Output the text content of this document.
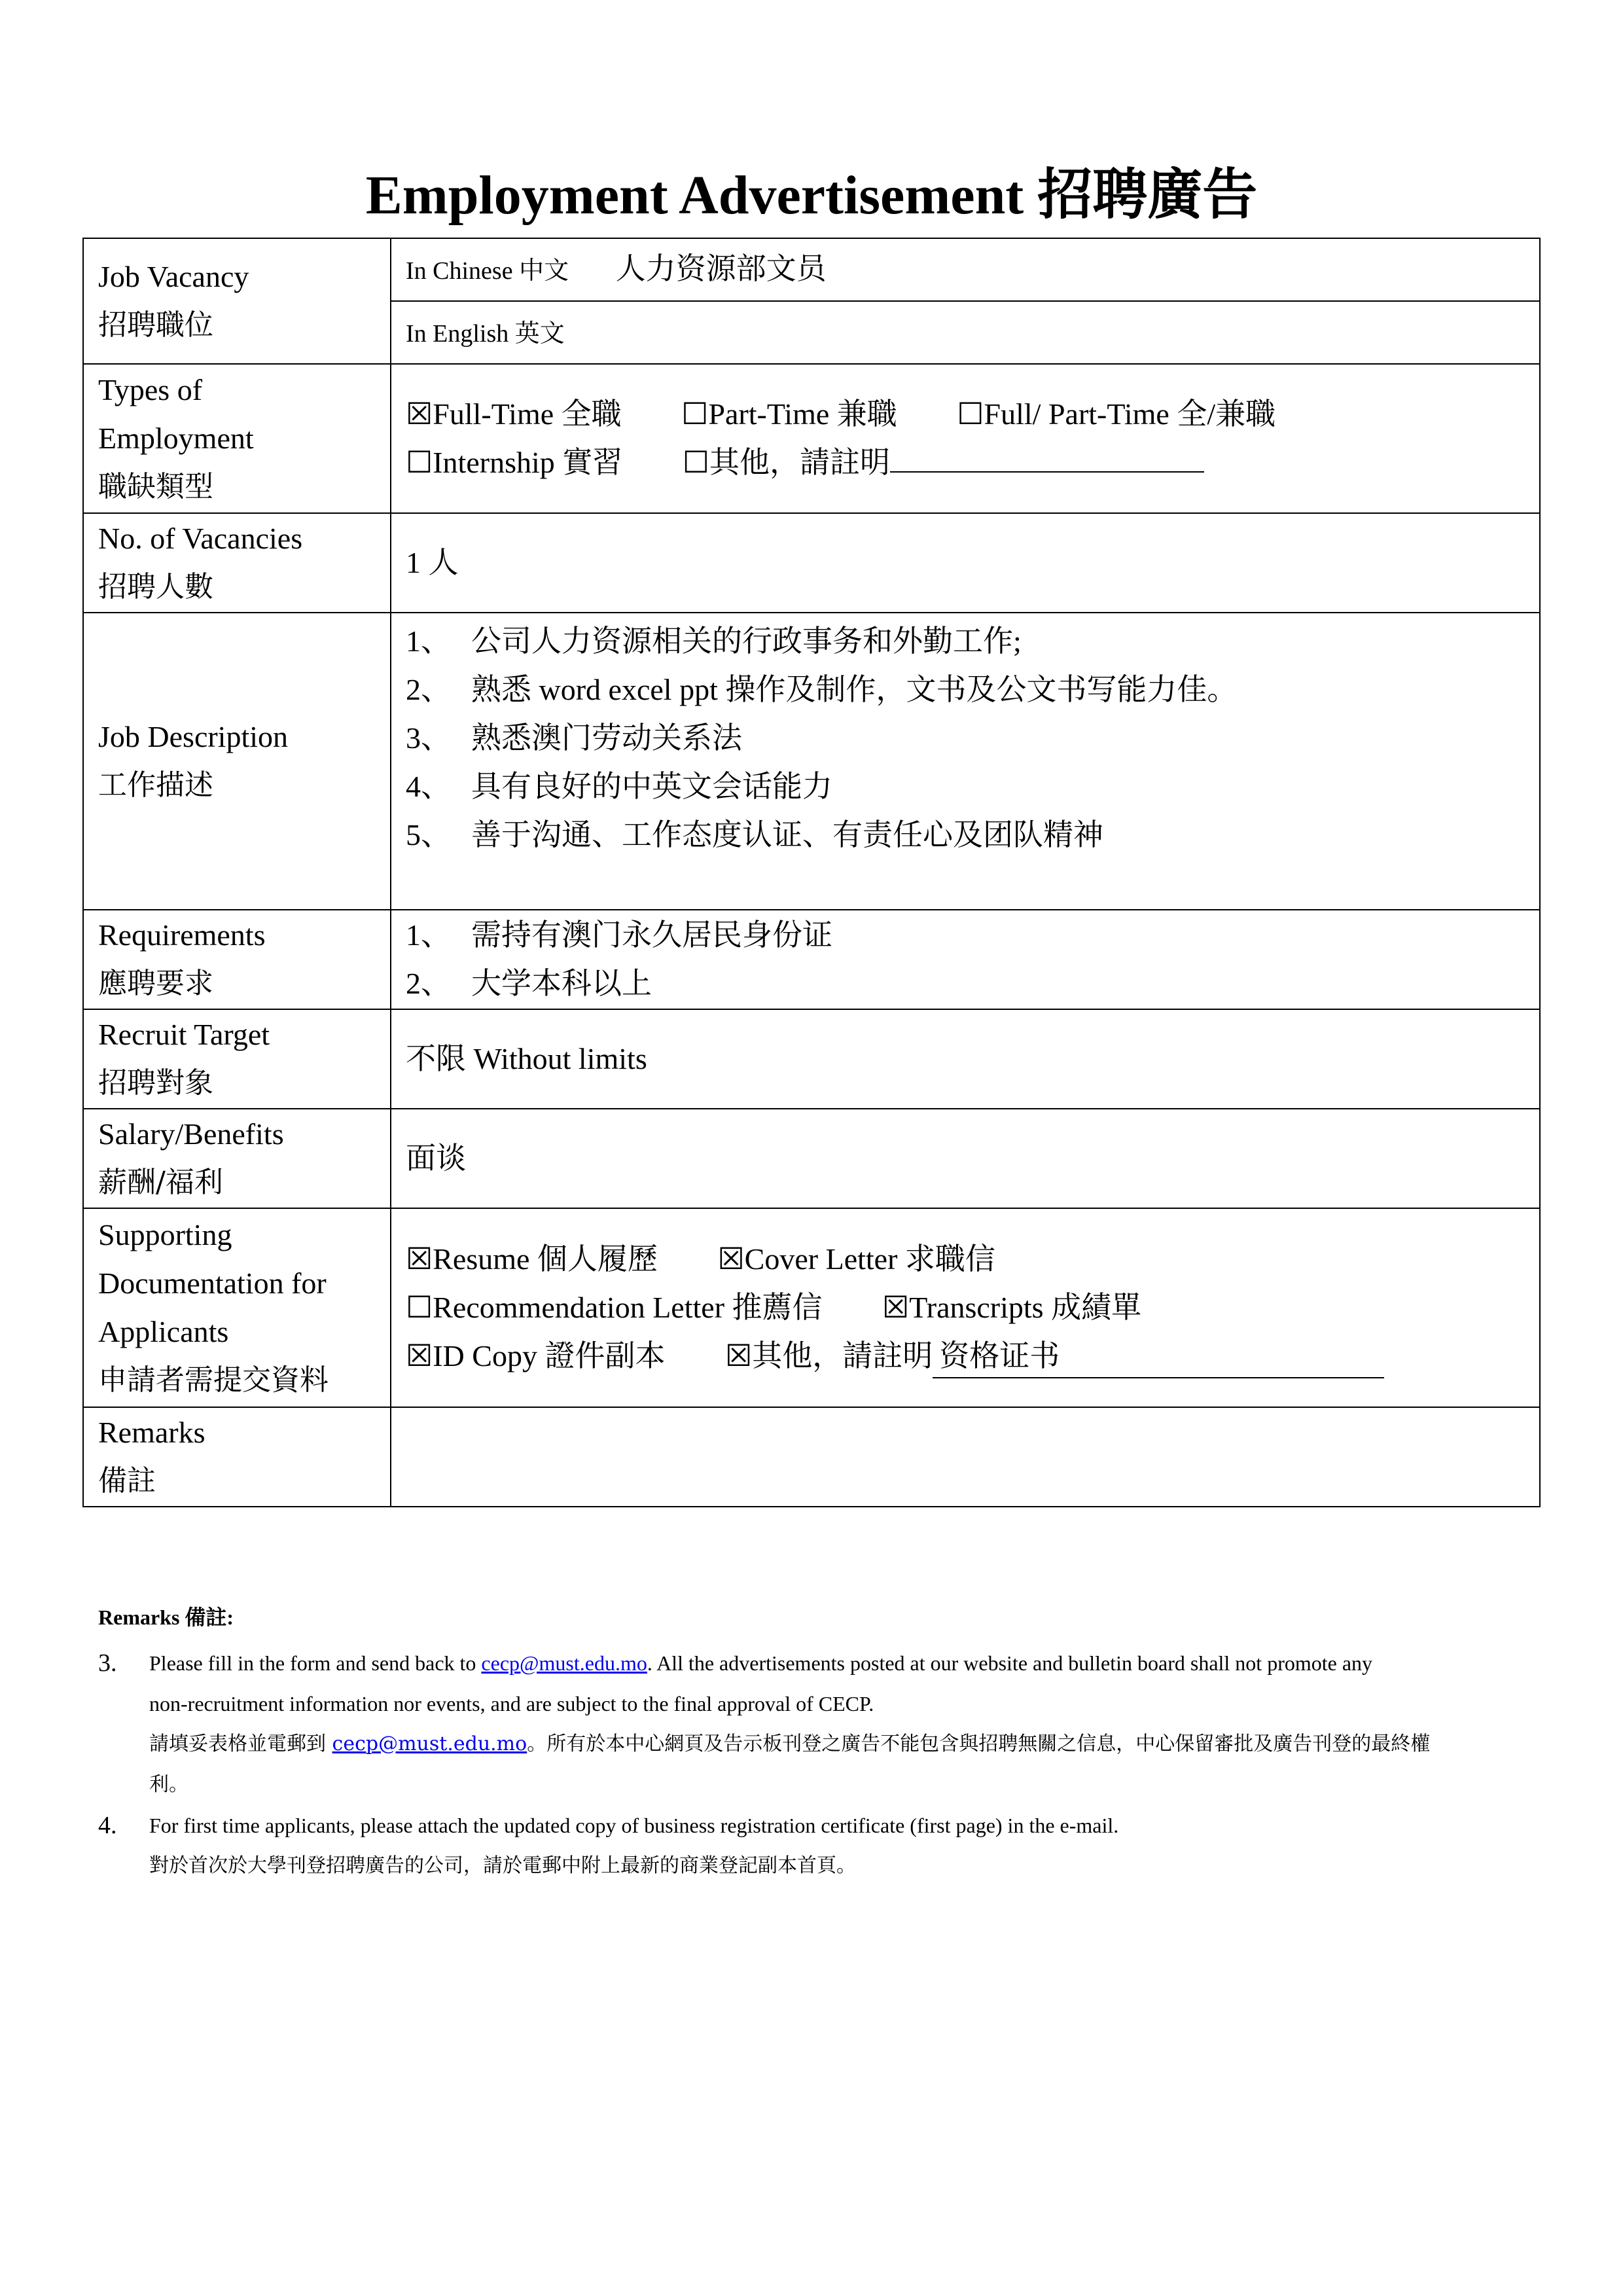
Employment Advertisement 招聘廣告
Job Vacancy
招聘職位	In Chinese 中文 人力资源部文员
	In English 英文

Types of
Employment
職缺類型	☒Full-Time 全職 ☐Part-Time 兼職 ☐Full/ Part-Time 全/兼職
☐Internship 實習 ☐其他，請註明

No. of Vacancies
招聘人數	1 人

Job Description
工作描述	1、 公司人力资源相关的行政事务和外勤工作;
2、 熟悉 word excel ppt 操作及制作，文书及公文书写能力佳。
3、 熟悉澳门劳动关系法
4、 具有良好的中英文会话能力
5、 善于沟通、工作态度认证、有责任心及团队精神

Requirements
應聘要求	1、 需持有澳门永久居民身份证
2、 大学本科以上

Recruit Target
招聘對象	不限 Without limits

Salary/Benefits
薪酬/福利	面谈

Supporting
Documentation for
Applicants
申請者需提交資料	☒Resume 個人履歷 ☒Cover Letter 求職信
☐Recommendation Letter 推薦信 ☒Transcripts 成績單
☒ID Copy 證件副本 ☒其他，請註明 资格证书

Remarks
備註	

Remarks 備註:
3. Please fill in the form and send back to cecp@must.edu.mo. All the advertisements posted at our website and bulletin board shall not promote any
non-recruitment information nor events, and are subject to the final approval of CECP.
請填妥表格並電郵到 cecp@must.edu.mo。所有於本中心網頁及告示板刊登之廣告不能包含與招聘無關之信息，中心保留審批及廣告刊登的最終權
利。
4. For first time applicants, please attach the updated copy of business registration certificate (first page) in the e-mail.
對於首次於大學刊登招聘廣告的公司，請於電郵中附上最新的商業登記副本首頁。
